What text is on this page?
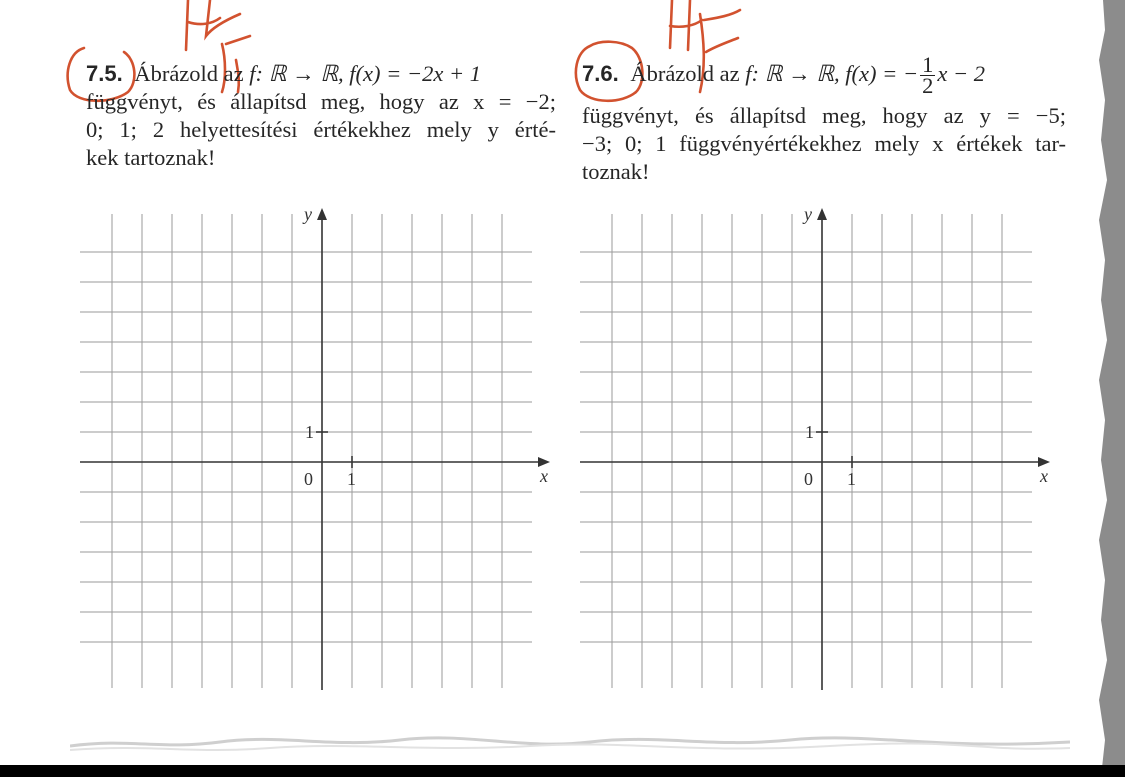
7.5. Ábrázold az f: ℝ → ℝ, f(x) = −2x + 1
függvényt, és állapítsd meg, hogy az x = −2;
0; 1; 2 helyettesítési értékekhez mely y érté-
kek tartoznak!
7.6. Ábrázold az f: ℝ → ℝ, f(x) = − $\frac{1}{2}$ x − 2
függvényt, és állapítsd meg, hogy az y = −5;
−3; 0; 1 függvényértékekhez mely x értékek tar-
toznak!
y
x
0 1
1
y
x
0 1
1
